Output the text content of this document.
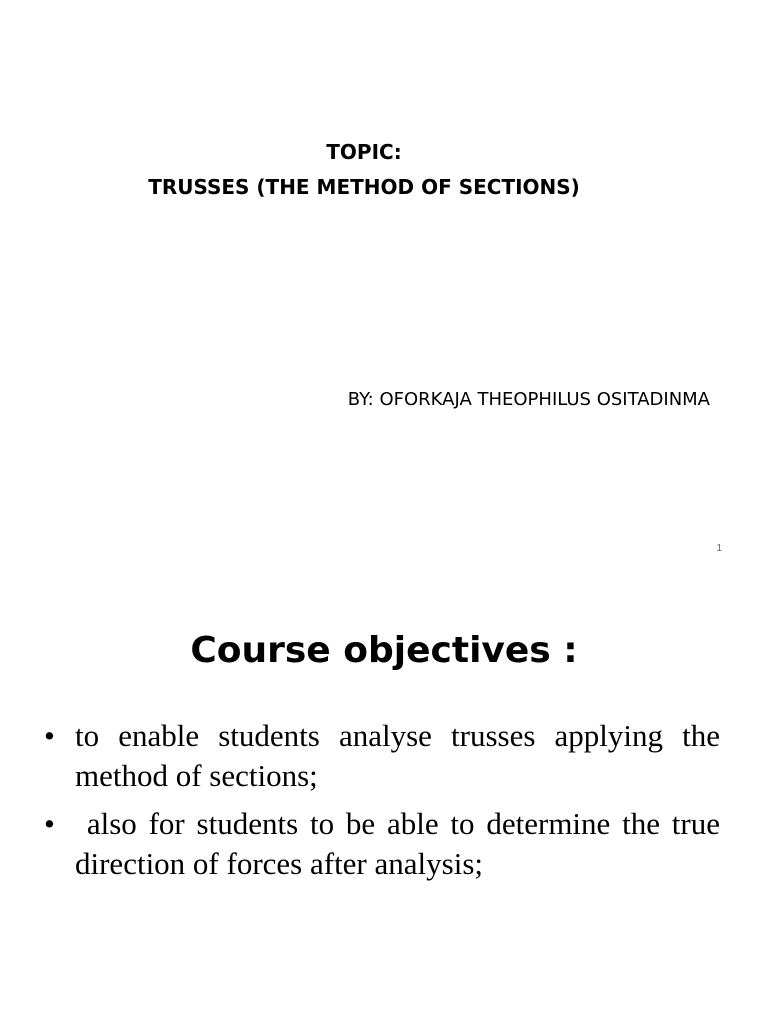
TOPIC:
TRUSSES (THE METHOD OF SECTIONS)
BY: OFORKAJA THEOPHILUS OSITADINMA
1
Course objectives :
• to enable students analyse trusses applying the method of sections;
• also for students to be able to determine the true direction of forces after analysis;
